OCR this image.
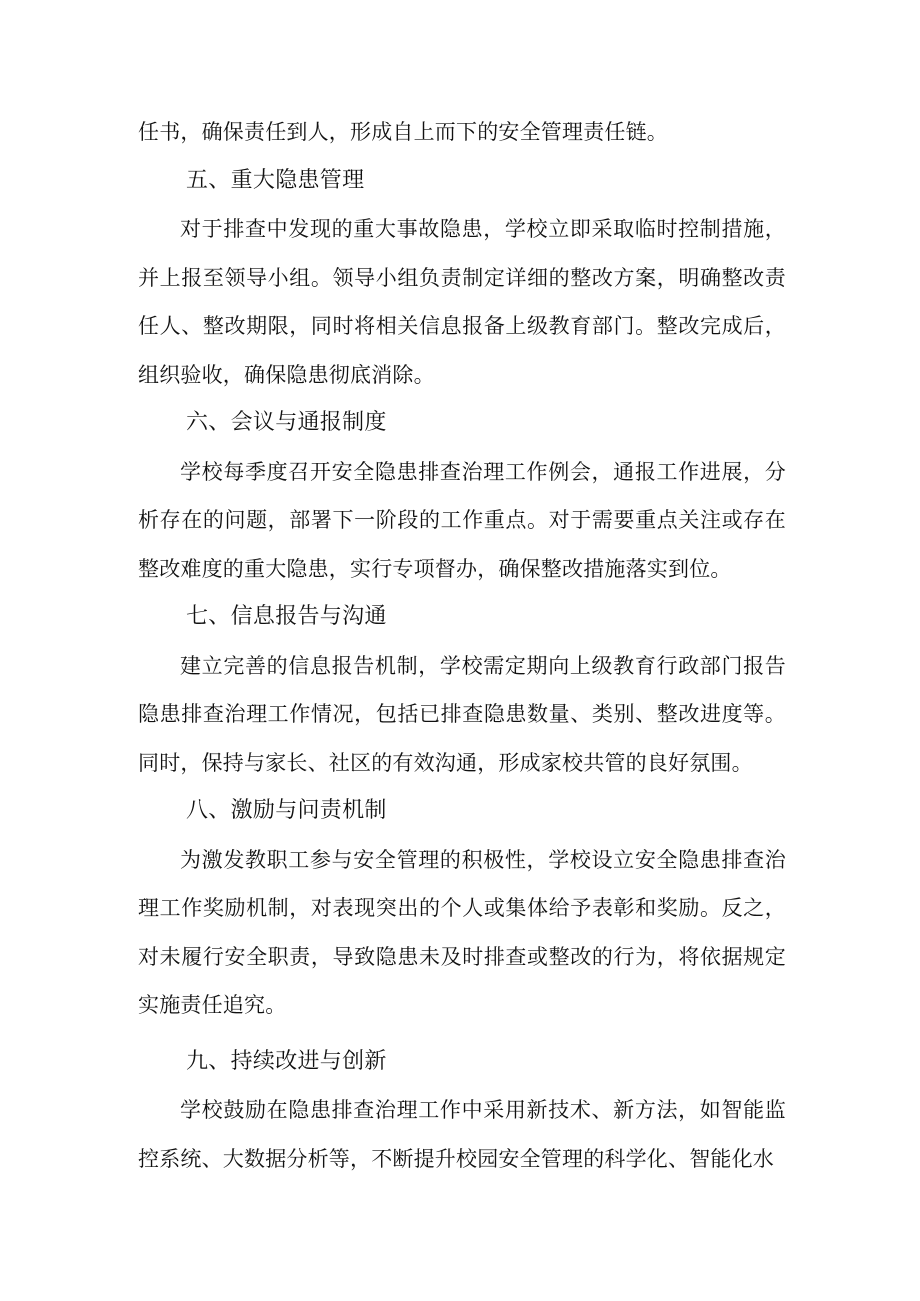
任书，确保责任到人，形成自上而下的安全管理责任链。

五、重大隐患管理

对于排查中发现的重大事故隐患，学校立即采取临时控制措施，并上报至领导小组。领导小组负责制定详细的整改方案，明确整改责任人、整改期限，同时将相关信息报备上级教育部门。整改完成后，组织验收，确保隐患彻底消除。

六、会议与通报制度

学校每季度召开安全隐患排查治理工作例会，通报工作进展，分析存在的问题，部署下一阶段的工作重点。对于需要重点关注或存在整改难度的重大隐患，实行专项督办，确保整改措施落实到位。

七、信息报告与沟通

建立完善的信息报告机制，学校需定期向上级教育行政部门报告隐患排查治理工作情况，包括已排查隐患数量、类别、整改进度等。同时，保持与家长、社区的有效沟通，形成家校共管的良好氛围。

八、激励与问责机制

为激发教职工参与安全管理的积极性，学校设立安全隐患排查治理工作奖励机制，对表现突出的个人或集体给予表彰和奖励。反之，对未履行安全职责，导致隐患未及时排查或整改的行为，将依据规定实施责任追究。

九、持续改进与创新

学校鼓励在隐患排查治理工作中采用新技术、新方法，如智能监控系统、大数据分析等，不断提升校园安全管理的科学化、智能化水
